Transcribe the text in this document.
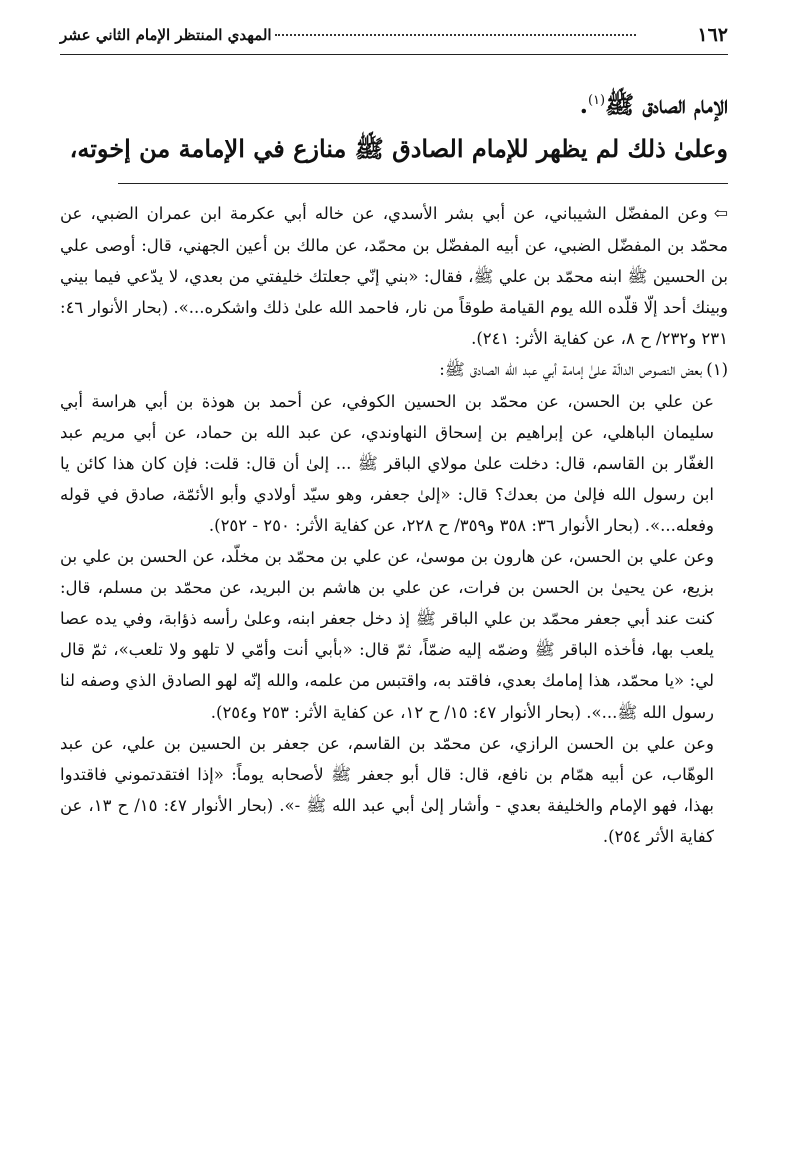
١٦٢
المهدي المنتظر الإمام الثاني عشر
الإمام الصادق ﷺ$^{(١)}$.
وعلىٰ ذلك لم يظهر للإمام الصادق ﷺ منازع في الإمامة من إخوته،

⇦وعن المفضّل الشيباني، عن أبي بشر الأسدي، عن خاله أبي عكرمة ابن عمران الضبي، عن محمّد بن المفضّل الضبي، عن أبيه المفضّل بن محمّد، عن مالك بن أعين الجهني، قال: أوصى علي بن الحسين ﷺ ابنه محمّد بن علي ﷺ، فقال: «بني إنّي جعلتك خليفتي من بعدي، لا يدّعي فيما بيني وبينك أحد إلّا قلّده الله يوم القيامة طوقاً من نار، فاحمد الله علىٰ ذلك واشكره...». (بحار الأنوار ٤٦: ٢٣١ و٢٣٢/ ح ٨، عن كفاية الأثر: ٢٤١).

(١)بعض النصوص الدالّة علىٰ إمامة أبي عبد الله الصادق ﷺ:

عن علي بن الحسن، عن محمّد بن الحسين الكوفي، عن أحمد بن هوذة بن أبي هراسة أبي سليمان الباهلي، عن إبراهيم بن إسحاق النهاوندي، عن عبد الله بن حماد، عن أبي مريم عبد الغفّار بن القاسم، قال: دخلت علىٰ مولاي الباقر ﷺ ... إلىٰ أن قال: قلت: فإن كان هذا كائن يا ابن رسول الله فإلىٰ من بعدك؟ قال: «إلىٰ جعفر، وهو سيّد أولادي وأبو الأئمّة، صادق في قوله وفعله...». (بحار الأنوار ٣٦: ٣٥٨ و٣٥٩/ ح ٢٢٨، عن كفاية الأثر: ٢٥٠ - ٢٥٢).

وعن علي بن الحسن، عن هارون بن موسىٰ، عن علي بن محمّد بن مخلّد، عن الحسن بن علي بن بزيع، عن يحيىٰ بن الحسن بن فرات، عن علي بن هاشم بن البريد، عن محمّد بن مسلم، قال: كنت عند أبي جعفر محمّد بن علي الباقر ﷺ إذ دخل جعفر ابنه، وعلىٰ رأسه ذؤابة، وفي يده عصا يلعب بها، فأخذه الباقر ﷺ وضمّه إليه ضمّاً، ثمّ قال: «بأبي أنت وأمّي لا تلهو ولا تلعب»، ثمّ قال لي: «يا محمّد، هذا إمامك بعدي، فاقتد به، واقتبس من علمه، والله إنّه لهو الصادق الذي وصفه لنا رسول الله ﷺ...». (بحار الأنوار ٤٧: ١٥/ ح ١٢، عن كفاية الأثر: ٢٥٣ و٢٥٤).

وعن علي بن الحسن الرازي، عن محمّد بن القاسم، عن جعفر بن الحسين بن علي، عن عبد الوهّاب، عن أبيه همّام بن نافع، قال: قال أبو جعفر ﷺ لأصحابه يوماً: «إذا افتقدتموني فاقتدوا بهذا، فهو الإمام والخليفة بعدي - وأشار إلىٰ أبي عبد الله ﷺ -». (بحار الأنوار ٤٧: ١٥/ ح ١٣، عن كفاية الأثر ٢٥٤).
